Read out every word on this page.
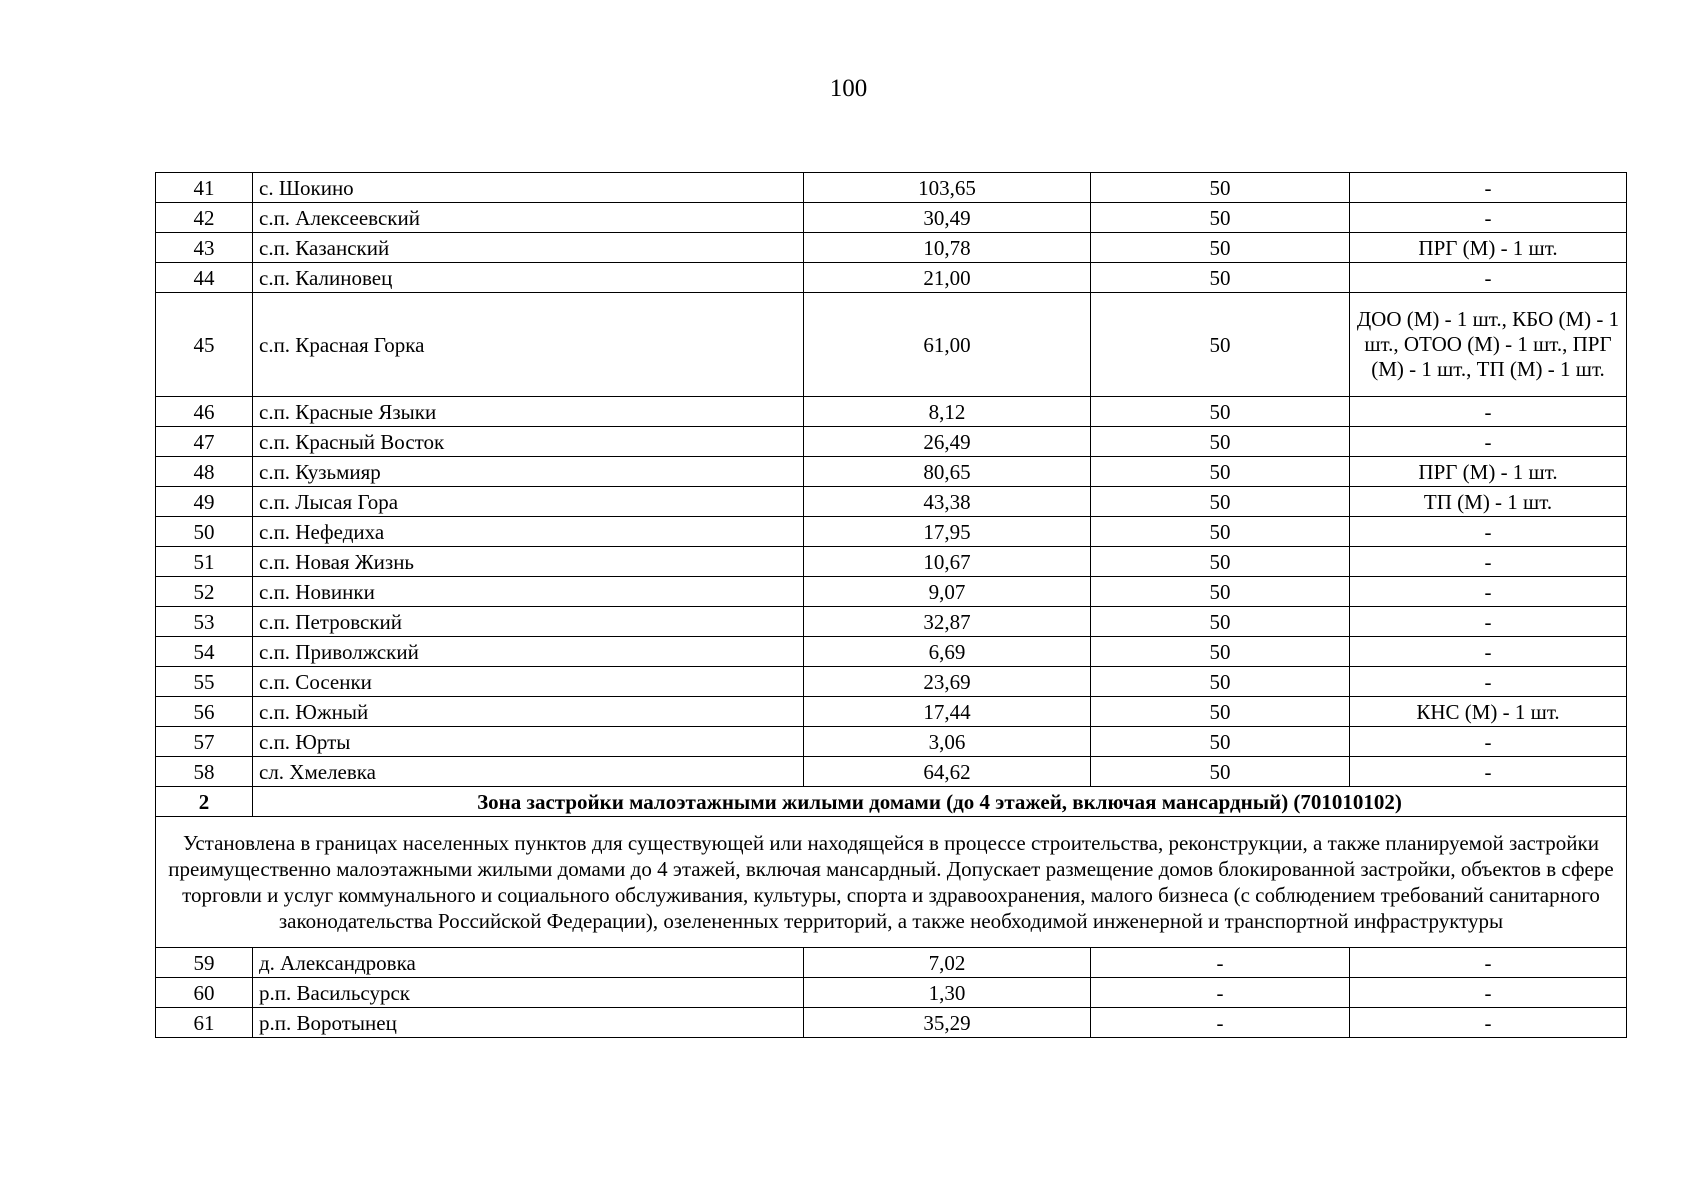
100
41	с. Шокино	103,65	50	-
42	с.п. Алексеевский	30,49	50	-
43	с.п. Казанский	10,78	50	ПРГ (М) - 1 шт.
44	с.п. Калиновец	21,00	50	-
45	с.п. Красная Горка	61,00	50	ДОО (М) - 1 шт., КБО (М) - 1 шт., ОТОО (М) - 1 шт., ПРГ (М) - 1 шт., ТП (М) - 1 шт.
46	с.п. Красные Языки	8,12	50	-
47	с.п. Красный Восток	26,49	50	-
48	с.п. Кузьмияр	80,65	50	ПРГ (М) - 1 шт.
49	с.п. Лысая Гора	43,38	50	ТП (М) - 1 шт.
50	с.п. Нефедиха	17,95	50	-
51	с.п. Новая Жизнь	10,67	50	-
52	с.п. Новинки	9,07	50	-
53	с.п. Петровский	32,87	50	-
54	с.п. Приволжский	6,69	50	-
55	с.п. Сосенки	23,69	50	-
56	с.п. Южный	17,44	50	КНС (М) - 1 шт.
57	с.п. Юрты	3,06	50	-
58	сл. Хмелевка	64,62	50	-
2	Зона застройки малоэтажными жилыми домами (до 4 этажей, включая мансардный) (701010102)			
Установлена в границах населенных пунктов для существующей или находящейся в процессе строительства, реконструкции, а также планируемой застройки преимущественно малоэтажными жилыми домами до 4 этажей, включая мансардный. Допускает размещение домов блокированной застройки, объектов в сфере торговли и услуг коммунального и социального обслуживания, культуры, спорта и здравоохранения, малого бизнеса (с соблюдением требований санитарного законодательства Российской Федерации), озелененных территорий, а также необходимой инженерной и транспортной инфраструктуры				
59	д. Александровка	7,02	-	-
60	р.п. Васильсурск	1,30	-	-
61	р.п. Воротынец	35,29	-	-
